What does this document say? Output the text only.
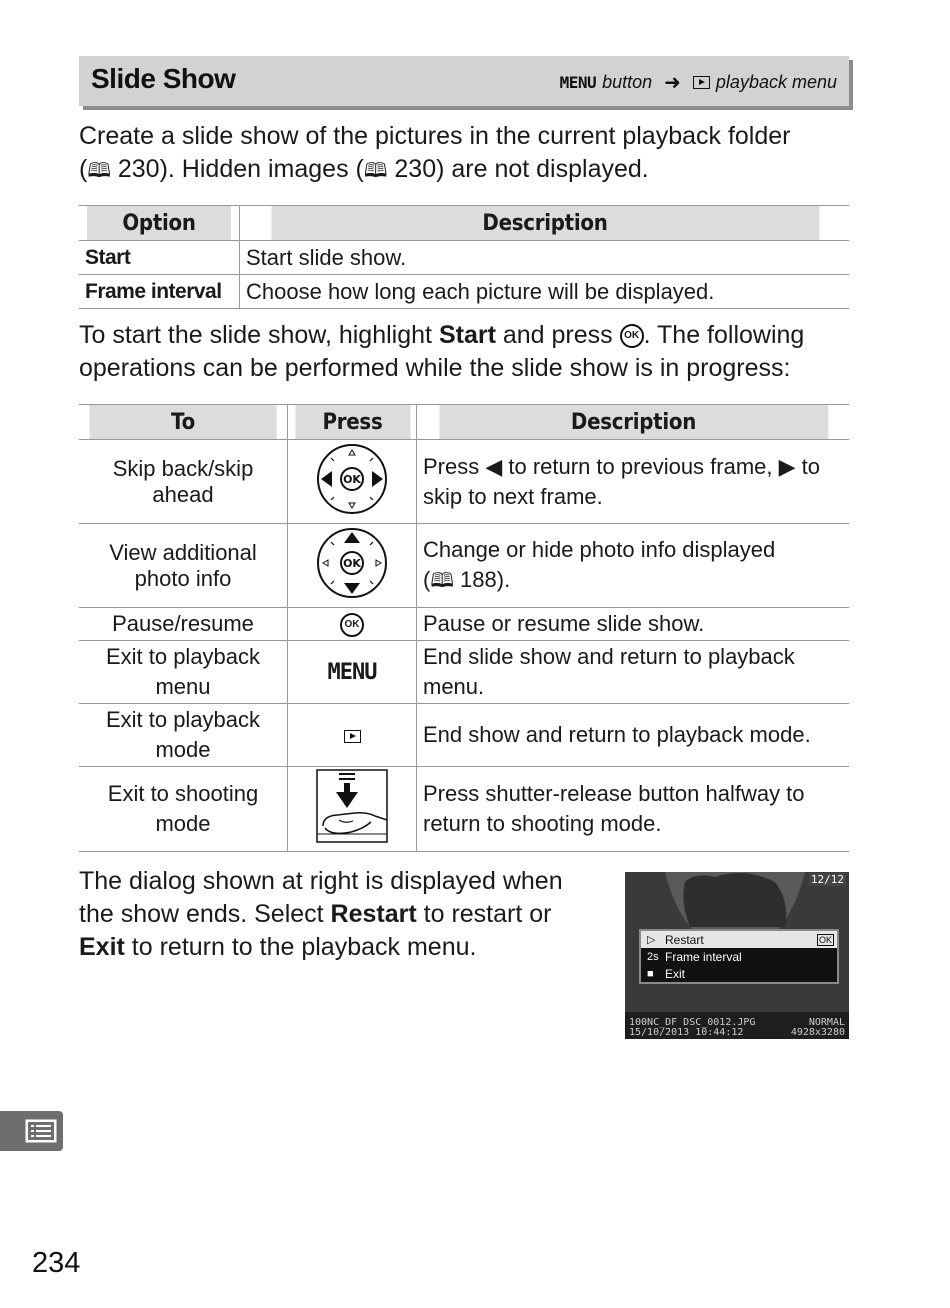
Slide Show	MENU button ➜ playback menu

Create a slide show of the pictures in the current playback folder
(🕮 230). Hidden images (🕮 230) are not displayed.

Option	Description
Start	Start slide show.
Frame interval	Choose how long each picture will be displayed.

To start the slide show, highlight Start and press OK . The following operations can be performed while the slide show is in progress:

To	Press	Description
Skip back/skip ahead	OK	Press ◀ to return to previous frame, ▶ to skip to next frame.
View additional photo info	OK	Change or hide photo info displayed
(🕮 188).
Pause/resume	OK	Pause or resume slide show.
Exit to playback menu	MENU	End slide show and return to playback menu.
Exit to playback mode		End show and return to playback mode.
Exit to shooting mode		Press shutter-release button halfway to return to shooting mode.

The dialog shown at right is displayed when the show ends. Select Restart to restart or Exit to return to the playback menu.

12/12
▷ Restart	OK
2s Frame interval
■ Exit
100NC_DF DSC_0012.JPG	NORMAL

15/10/2013 10:44:12	4928x3280
234
